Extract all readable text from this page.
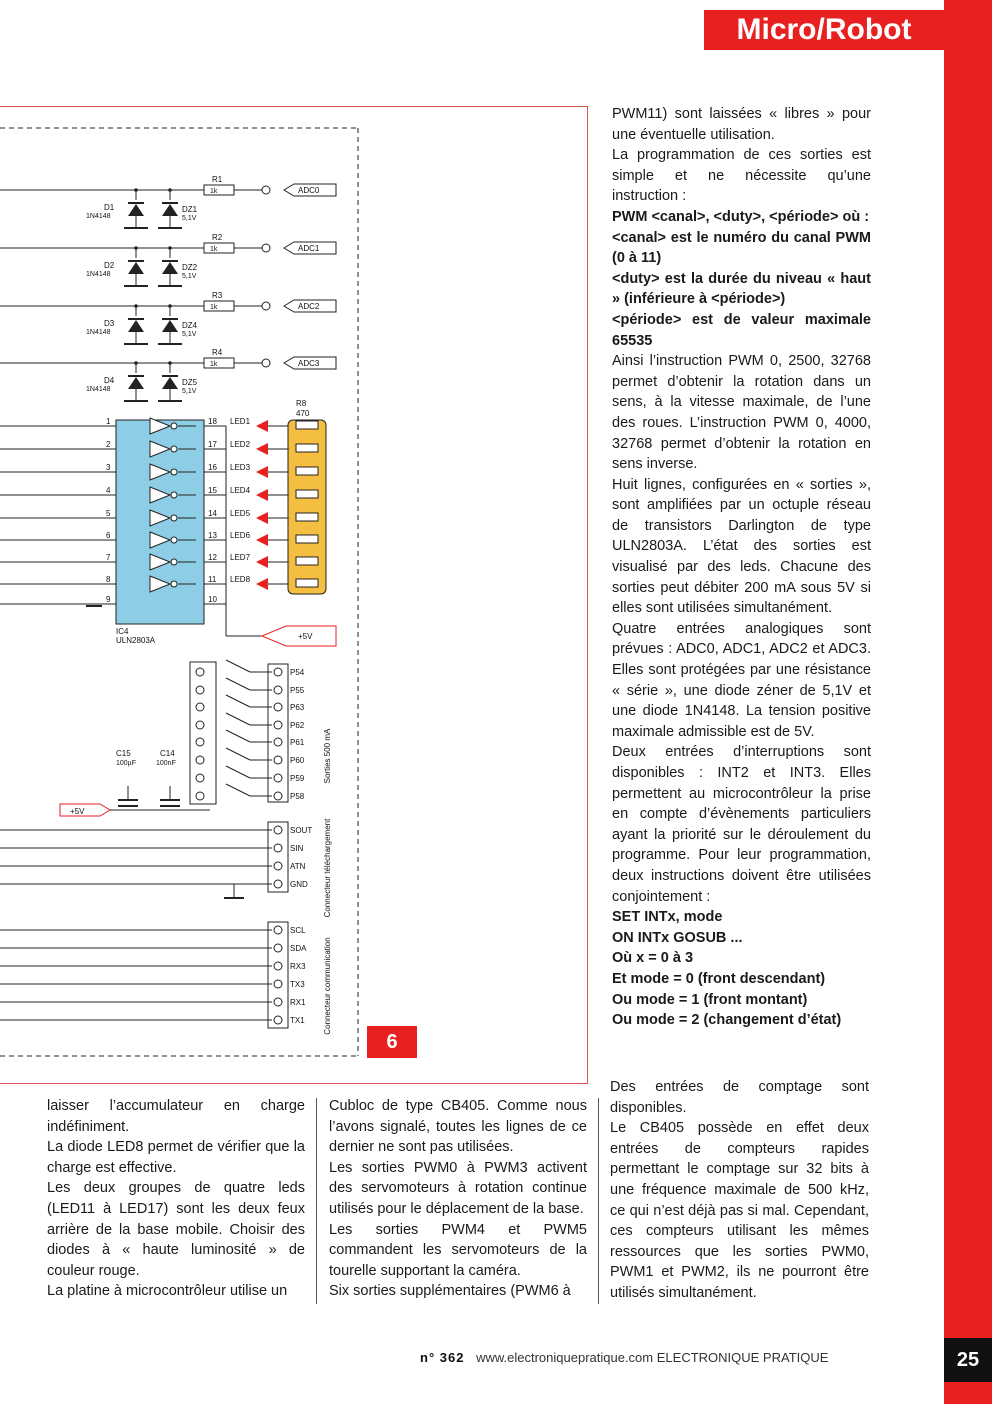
Micro/Robot
R1
1k	ADC0
D1
1N4148
DZ1
5,1V
R2
1k	ADC1
D2
1N4148
DZ2
5,1V
R3
1k	ADC2
D3
1N4148
DZ4
5,1V
R4
1k	ADC3
D4
1N4148
DZ5
5,1V
R8
470
1	18
2	17
3	16
4	15
5	14
6	13
7	12
8	11
9	10
IC4
ULN2803A
LED1
LED2
LED3
LED4
LED5
LED6
LED7
LED8
+5V
P54
P55
P63
P62
P61
P60
P59
P58
Sorties 500 mA
C15
100µF
C14
100nF
+5V
SOUT
SIN
ATN
GND Connecteur téléchargement
SCL
SDA
RX3
TX3
RX1
TX1 Connecteur communication
6

PWM11) sont laissées « libres » pour une éventuelle utilisation.

La programmation de ces sorties est simple et ne nécessite qu’une instruction :

PWM <canal>, <duty>, <période> où :

<canal> est le numéro du canal PWM (0 à 11)

<duty> est la durée du niveau « haut » (inférieure à <période>)

<période> est de valeur maximale 65535

Ainsi l’instruction PWM 0, 2500, 32768 permet d’obtenir la rotation dans un sens, à la vitesse maximale, de l’une des roues. L’instruction PWM 0, 4000, 32768 permet d’obtenir la rotation en sens inverse.

Huit lignes, configurées en « sorties », sont amplifiées par un octuple réseau de transistors Darlington de type ULN2803A. L’état des sorties est visualisé par des leds. Chacune des sorties peut débiter 200 mA sous 5V si elles sont utilisées simultanément.

Quatre entrées analogiques sont prévues : ADC0, ADC1, ADC2 et ADC3. Elles sont protégées par une résistance « série », une diode zéner de 5,1V et une diode 1N4148. La tension positive maximale admissible est de 5V.

Deux entrées d’interruptions sont disponibles : INT2 et INT3. Elles permettent au microcontrôleur la prise en compte d’évènements particuliers ayant la priorité sur le déroulement du programme. Pour leur programmation, deux instructions doivent être utilisées conjointement :

SET INTx, mode

ON INTx GOSUB ...

Où x = 0 à 3

Et mode = 0 (front descendant)

Ou mode = 1 (front montant)

Ou mode = 2 (changement d’état)

Des entrées de comptage sont disponibles.

Le CB405 possède en effet deux entrées de compteurs rapides permettant le comptage sur 32 bits à une fréquence maximale de 500 kHz, ce qui n’est déjà pas si mal. Cependant, ces compteurs utilisant les mêmes ressources que les sorties PWM0, PWM1 et PWM2, ils ne pourront être utilisés simultanément.

laisser l’accumulateur en charge indéfiniment.

La diode LED8 permet de vérifier que la charge est effective.

Les deux groupes de quatre leds (LED11 à LED17) sont les deux feux arrière de la base mobile. Choisir des diodes à « haute luminosité » de couleur rouge.

La platine à microcontrôleur utilise un

Cubloc de type CB405. Comme nous l’avons signalé, toutes les lignes de ce dernier ne sont pas utilisées.

Les sorties PWM0 à PWM3 activent des servomoteurs à rotation continue utilisés pour le déplacement de la base.

Les sorties PWM4 et PWM5 commandent les servomoteurs de la tourelle supportant la caméra.

Six sorties supplémentaires (PWM6 à

n° 362 www.electroniquepratique.com ELECTRONIQUE PRATIQUE	25
